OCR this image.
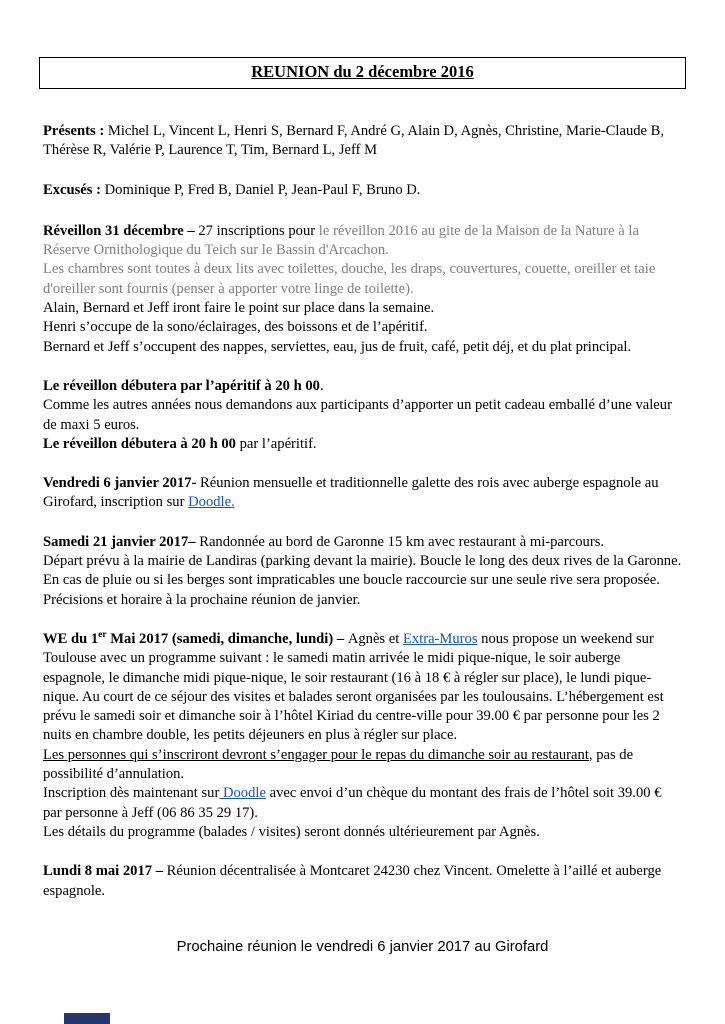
REUNION du 2 décembre 2016

Présents : Michel L, Vincent L, Henri S, Bernard F, André G, Alain D, Agnès, Christine, Marie-Claude B, Thérèse R, Valérie P, Laurence T, Tim, Bernard L, Jeff M

Excusés : Dominique P, Fred B, Daniel P, Jean-Paul F, Bruno D.

Réveillon 31 décembre – 27 inscriptions pour le réveillon 2016 au gite de la Maison de la Nature à la Réserve Ornithologique du Teich sur le Bassin d'Arcachon.
Les chambres sont toutes à deux lits avec toilettes, douche, les draps, couvertures, couette, oreiller et taie d'oreiller sont fournis (penser à apporter votre linge de toilette).
Alain, Bernard et Jeff iront faire le point sur place dans la semaine.
Henri s’occupe de la sono/éclairages, des boissons et de l’apéritif.
Bernard et Jeff s’occupent des nappes, serviettes, eau, jus de fruit, café, petit déj, et du plat principal.

Le réveillon débutera par l’apéritif à 20 h 00.
Comme les autres années nous demandons aux participants d’apporter un petit cadeau emballé d’une valeur de maxi 5 euros.
Le réveillon débutera à 20 h 00 par l’apéritif.

Vendredi 6 janvier 2017- Réunion mensuelle et traditionnelle galette des rois avec auberge espagnole au Girofard, inscription sur Doodle.

Samedi 21 janvier 2017– Randonnée au bord de Garonne 15 km avec restaurant à mi-parcours.
Départ prévu à la mairie de Landiras (parking devant la mairie). Boucle le long des deux rives de la Garonne.
En cas de pluie ou si les berges sont impraticables une boucle raccourcie sur une seule rive sera proposée.
Précisions et horaire à la prochaine réunion de janvier.

WE du 1er Mai 2017 (samedi, dimanche, lundi) – Agnès et Extra-Muros nous propose un weekend sur Toulouse avec un programme suivant : le samedi matin arrivée le midi pique-nique, le soir auberge espagnole, le dimanche midi pique-nique, le soir restaurant (16 à 18 € à régler sur place), le lundi pique-nique. Au court de ce séjour des visites et balades seront organisées par les toulousains. L’hébergement est prévu le samedi soir et dimanche soir à l’hôtel Kiriad du centre-ville pour 39.00 € par personne pour les 2 nuits en chambre double, les petits déjeuners en plus à régler sur place.
Les personnes qui s’inscriront devront s’engager pour le repas du dimanche soir au restaurant, pas de possibilité d’annulation.
Inscription dès maintenant sur Doodle avec envoi d’un chèque du montant des frais de l’hôtel soit 39.00 € par personne à Jeff (06 86 35 29 17).
Les détails du programme (balades / visites) seront donnés ultérieurement par Agnès.

Lundi 8 mai 2017 – Réunion décentralisée à Montcaret 24230 chez Vincent. Omelette à l’aillé et auberge espagnole.

Prochaine réunion le vendredi 6 janvier 2017 au Girofard
